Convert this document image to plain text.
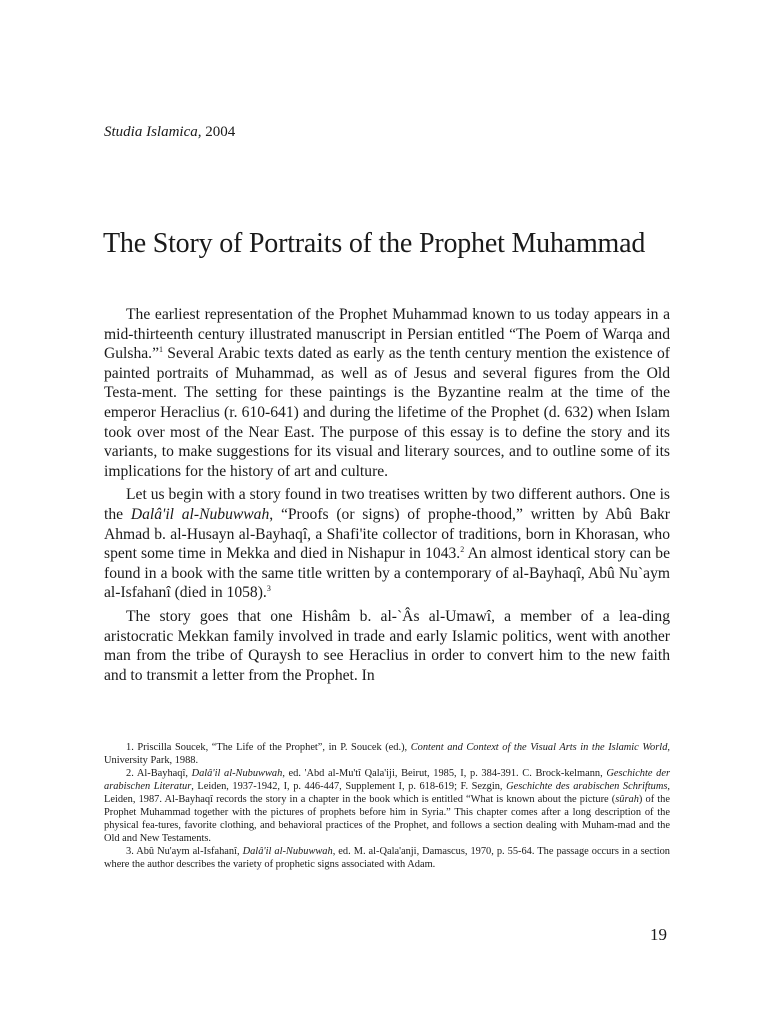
Studia Islamica, 2004

The Story of Portraits of the Prophet Muhammad

The earliest representation of the Prophet Muhammad known to us today appears in a mid-thirteenth century illustrated manuscript in Persian entitled “The Poem of Warqa and Gulsha.”$^1$ Several Arabic texts dated as early as the tenth century mention the existence of painted portraits of Muhammad, as well as of Jesus and several figures from the Old Testa-ment. The setting for these paintings is the Byzantine realm at the time of the emperor Heraclius (r. 610-641) and during the lifetime of the Prophet (d. 632) when Islam took over most of the Near East. The purpose of this essay is to define the story and its variants, to make suggestions for its visual and literary sources, and to outline some of its implications for the history of art and culture.

Let us begin with a story found in two treatises written by two different authors. One is the Dalâ'il al-Nubuwwah, “Proofs (or signs) of prophe-thood,” written by Abû Bakr Ahmad b. al-Husayn al-Bayhaqî, a Shafi'ite collector of traditions, born in Khorasan, who spent some time in Mekka and died in Nishapur in 1043.$^2$ An almost identical story can be found in a book with the same title written by a contemporary of al-Bayhaqî, Abû Nu`aym al-Isfahanî (died in 1058).$^3$

The story goes that one Hishâm b. al-`Âs al-Umawî, a member of a lea-ding aristocratic Mekkan family involved in trade and early Islamic politics, went with another man from the tribe of Quraysh to see Heraclius in order to convert him to the new faith and to transmit a letter from the Prophet. In

1. Priscilla Soucek, “The Life of the Prophet”, in P. Soucek (ed.), Content and Context of the Visual Arts in the Islamic World, University Park, 1988.

2. Al-Bayhaqî, Dalâ'il al-Nubuwwah, ed. 'Abd al-Mu'tî Qala'iji, Beirut, 1985, I, p. 384-391. C. Brock-kelmann, Geschichte der arabischen Literatur, Leiden, 1937-1942, I, p. 446-447, Supplement I, p. 618-619; F. Sezgin, Geschichte des arabischen Schriftums, Leiden, 1987. Al-Bayhaqî records the story in a chapter in the book which is entitled “What is known about the picture (sûrah) of the Prophet Muhammad together with the pictures of prophets before him in Syria.” This chapter comes after a long description of the physical fea-tures, favorite clothing, and behavioral practices of the Prophet, and follows a section dealing with Muham-mad and the Old and New Testaments.

3. Abû Nu'aym al-Isfahanî, Dalâ'il al-Nubuwwah, ed. M. al-Qala'anji, Damascus, 1970, p. 55-64. The passage occurs in a section where the author describes the variety of prophetic signs associated with Adam.

19
